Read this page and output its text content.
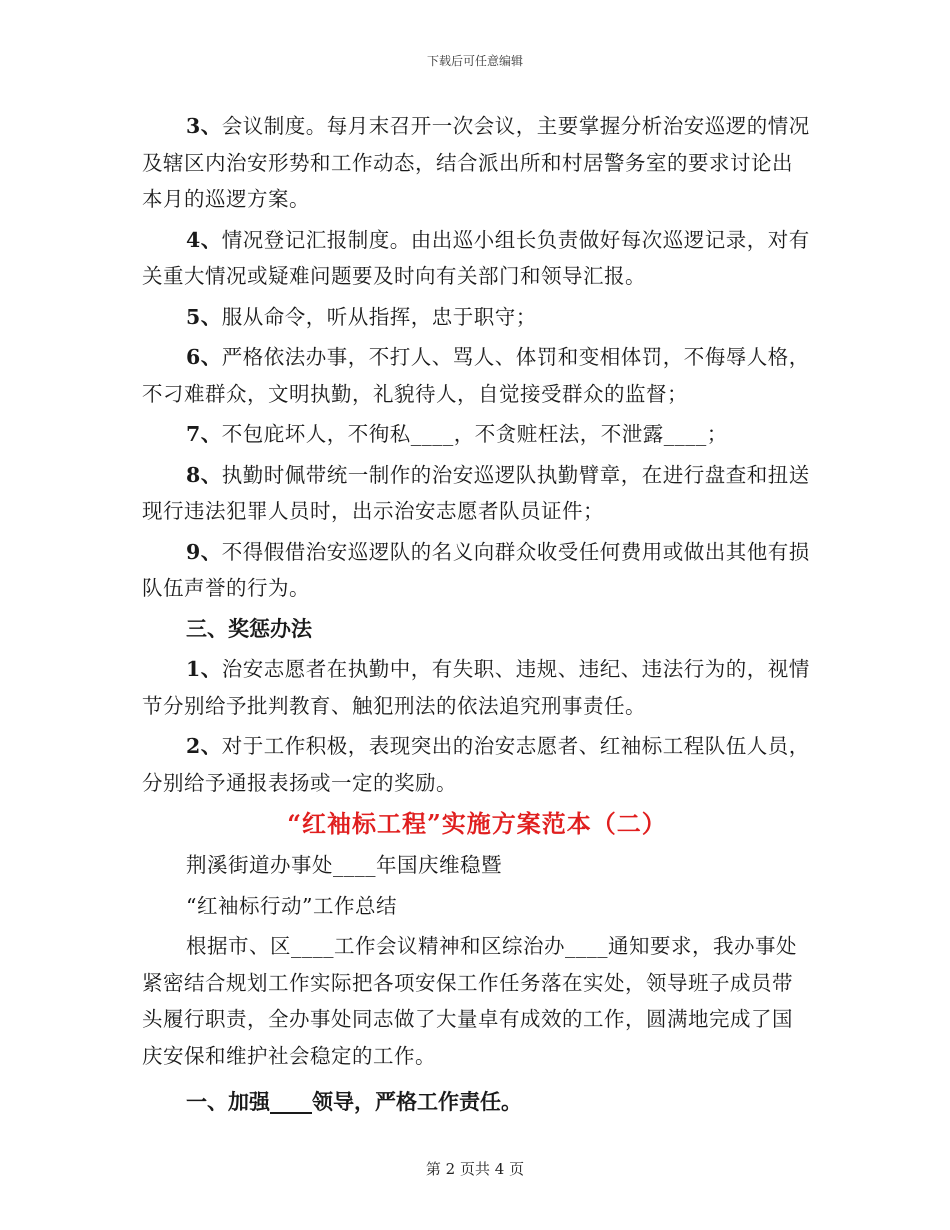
下载后可任意编辑

3、会议制度。每月末召开一次会议，主要掌握分析治安巡逻的情况及辖区内治安形势和工作动态，结合派出所和村居警务室的要求讨论出本月的巡逻方案。

4、情况登记汇报制度。由出巡小组长负责做好每次巡逻记录，对有关重大情况或疑难问题要及时向有关部门和领导汇报。

5、服从命令，听从指挥，忠于职守；

6、严格依法办事，不打人、骂人、体罚和变相体罚，不侮辱人格，不刁难群众，文明执勤，礼貌待人，自觉接受群众的监督；

7、不包庇坏人，不徇私____，不贪赃枉法，不泄露____；

8、执勤时佩带统一制作的治安巡逻队执勤臂章，在进行盘查和扭送现行违法犯罪人员时，出示治安志愿者队员证件；

9、不得假借治安巡逻队的名义向群众收受任何费用或做出其他有损队伍声誉的行为。

三、奖惩办法

1、治安志愿者在执勤中，有失职、违规、违纪、违法行为的，视情节分别给予批判教育、触犯刑法的依法追究刑事责任。

2、对于工作积极，表现突出的治安志愿者、红袖标工程队伍人员，分别给予通报表扬或一定的奖励。

“红袖标工程”实施方案范本（二）

荆溪街道办事处____年国庆维稳暨

“红袖标行动”工作总结

根据市、区____工作会议精神和区综治办____通知要求，我办事处紧密结合规划工作实际把各项安保工作任务落在实处，领导班子成员带头履行职责，全办事处同志做了大量卓有成效的工作，圆满地完成了国庆安保和维护社会稳定的工作。

一、加强____领导，严格工作责任。

第 2 页共 4 页
